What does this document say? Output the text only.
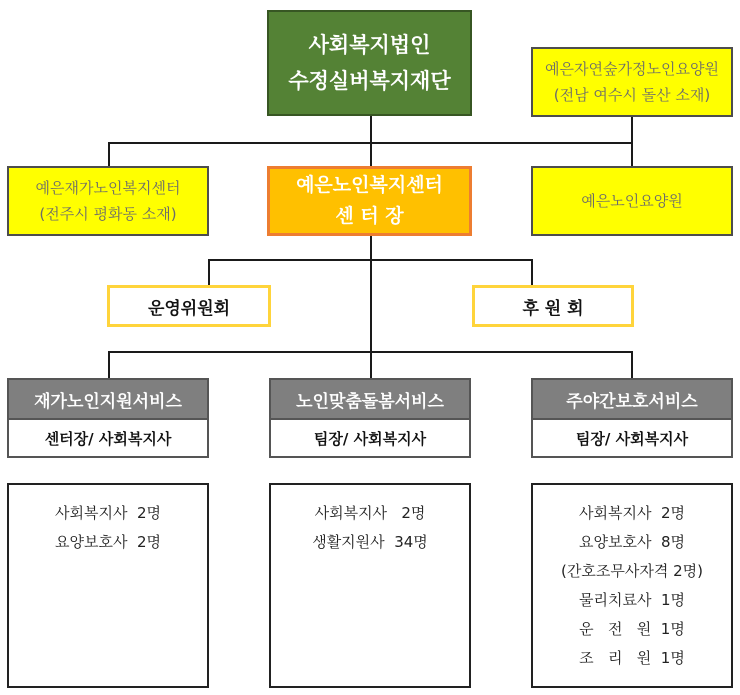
사회복지법인
수정실버복지재단	예은자연숲가정노인요양원
(전남 여수시 돌산 소재)
예은재가노인복지센터
(전주시 평화동 소재)
예은노인요양원
예은노인복지센터
센 터 장
운영위원회	후 원 회
재가노인지원서비스
센터장/ 사회복지사
사회복지사  2명
요양보호사  2명
노인맞춤돌봄서비스
팀장/ 사회복지사
사회복지사   2명
생활지원사  34명
주야간보호서비스
팀장/ 사회복지사
사회복지사  2명
요양보호사  8명
(간호조무사자격 2명)
물리치료사  1명
운   전   원  1명
조   리   원  1명
